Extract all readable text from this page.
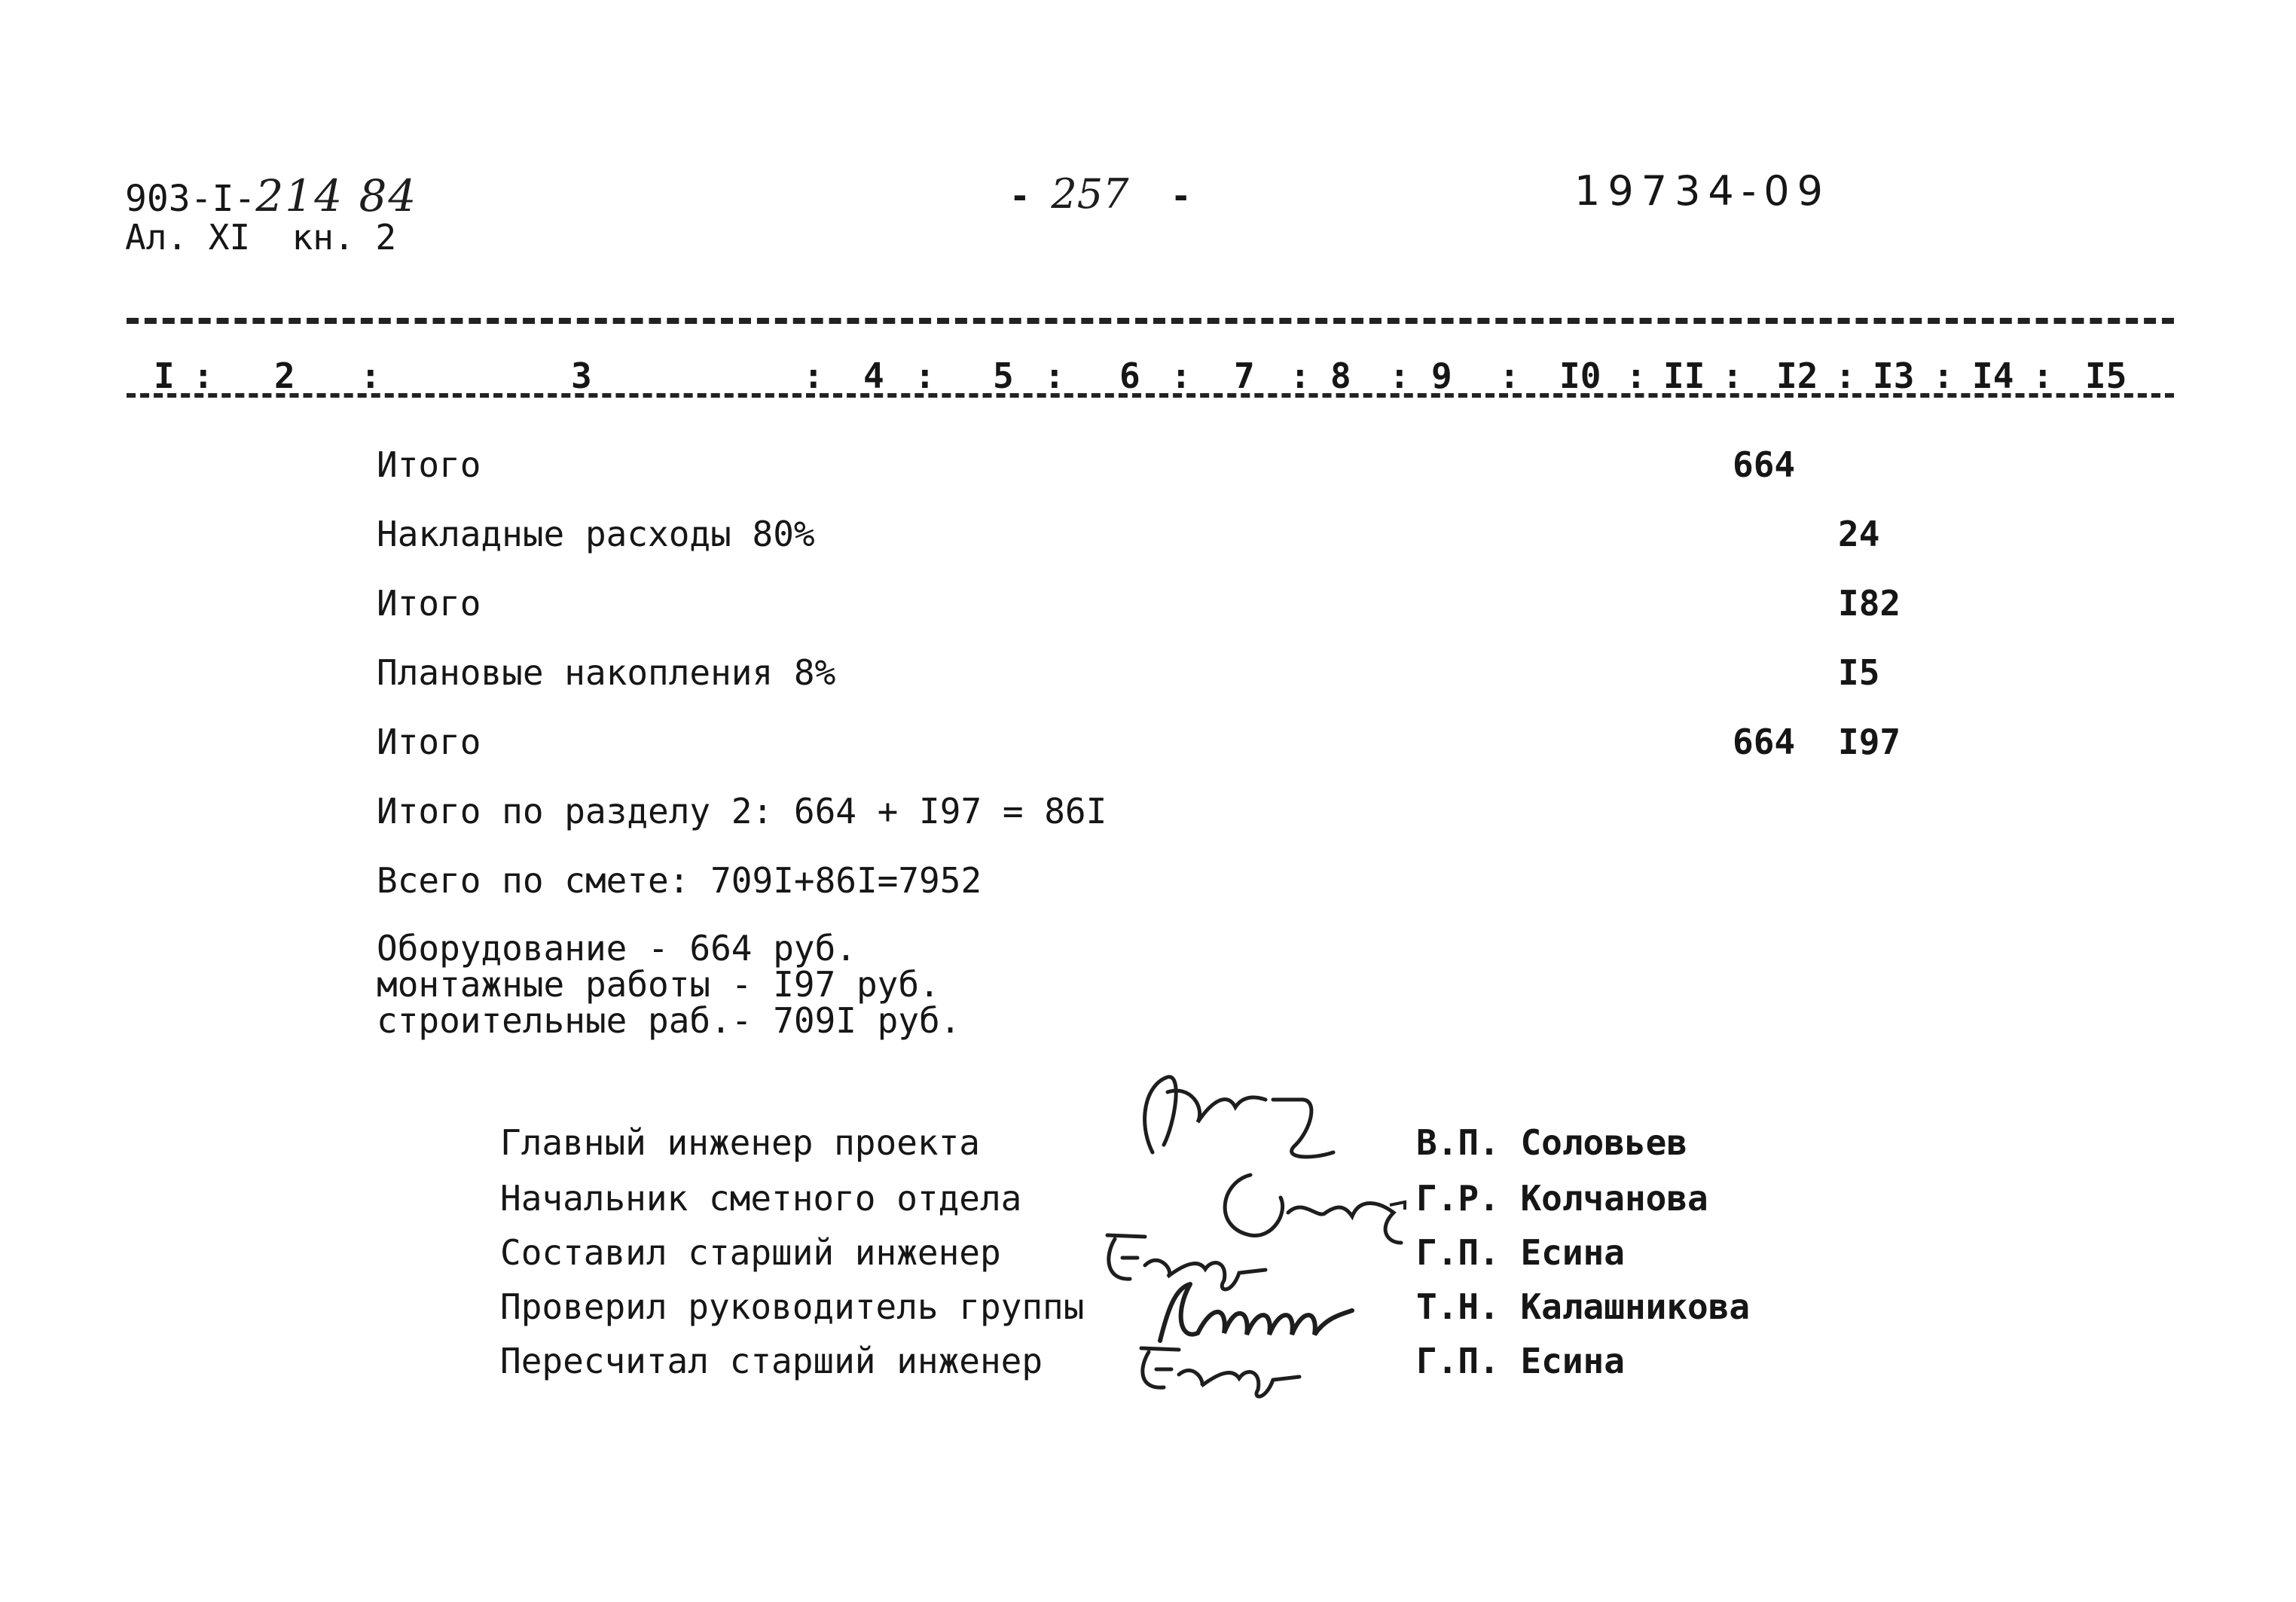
903-I-214 84
Ал. XI  кн. 2
- 257  -	19734-09
I : 2 :	3	: 4 : 5 : 6 : 7 : 8 : 9 : I0 : II : I2 : I3 : I4 : I5
Итого	664
Накладные расходы 80%	24
Итого	I82
Плановые накопления 8%	I5
Итого	664 I97
Итого по разделу 2: 664 + I97 = 86I
Всего по смете: 709I+86I=7952
Оборудование - 664 руб.
монтажные работы - I97 руб.
строительные раб.- 709I руб.
Главный инженер проекта	В.П. Соловьев
Начальник сметного отдела	Г.Р. Колчанова
Составил старший инженер	Г.П. Есина
Проверил руководитель группы	Т.Н. Калашникова
Пересчитал старший инженер	Г.П. Есина
